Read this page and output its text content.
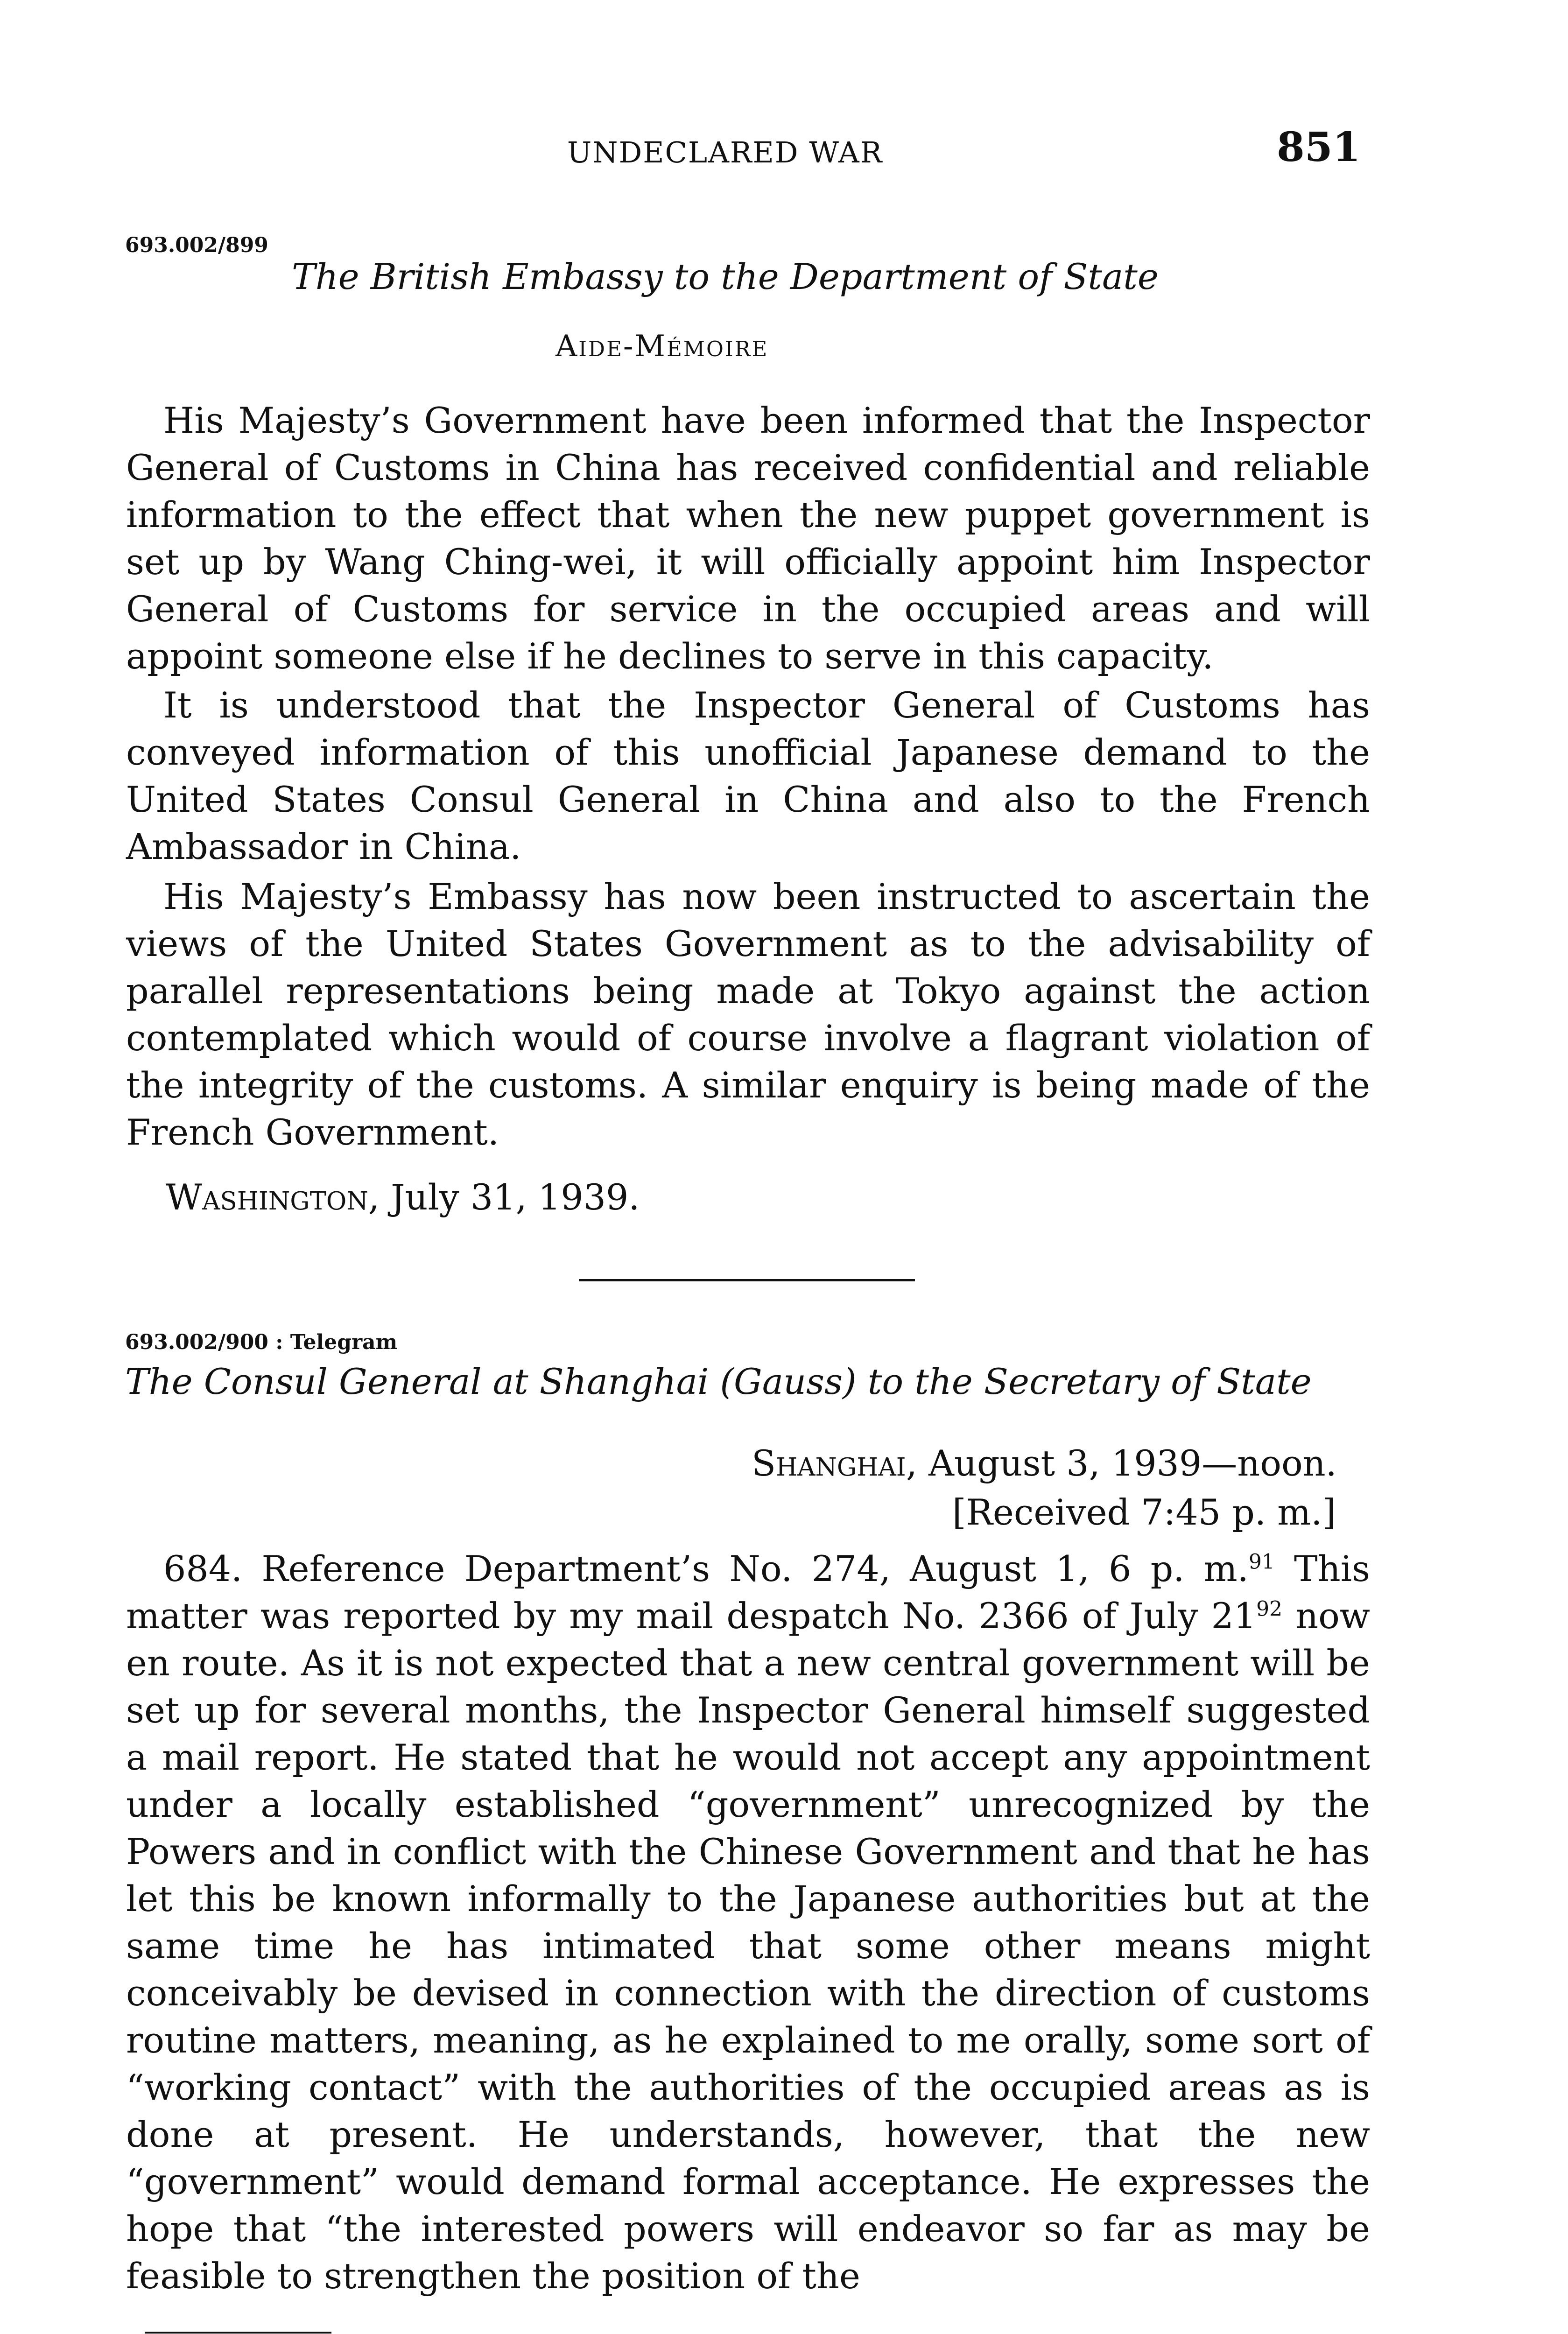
UNDECLARED WAR	851
693.002/899
The British Embassy to the Department of State
Aide-Mémoire

His Majesty’s Government have been informed that the Inspector General of Customs in China has received confidential and reliable information to the effect that when the new puppet government is set up by Wang Ching-wei, it will officially appoint him Inspector General of Customs for service in the occupied areas and will appoint someone else if he declines to serve in this capacity.

It is understood that the Inspector General of Customs has conveyed information of this unofficial Japanese demand to the United States Consul General in China and also to the French Ambassador in China.

His Majesty’s Embassy has now been instructed to ascertain the views of the United States Government as to the advisability of parallel representations being made at Tokyo against the action contemplated which would of course involve a flagrant violation of the integrity of the customs. A similar enquiry is being made of the French Government.

Washington, July 31, 1939.
693.002/900 : Telegram
The Consul General at Shanghai (Gauss) to the Secretary of State
Shanghai, August 3, 1939—noon.
[Received 7:45 p. m.]

684. Reference Department’s No. 274, August 1, 6 p. m.$^{91}$ This matter was reported by my mail despatch No. 2366 of July 21$^{92}$ now en route. As it is not expected that a new central government will be set up for several months, the Inspector General himself suggested a mail report. He stated that he would not accept any appointment under a locally established “government” unrecognized by the Powers and in conflict with the Chinese Government and that he has let this be known informally to the Japanese authorities but at the same time he has intimated that some other means might conceivably be devised in connection with the direction of customs routine matters, meaning, as he explained to me orally, some sort of “working contact” with the authorities of the occupied areas as is done at present. He understands, however, that the new “government” would demand formal acceptance. He expresses the hope that “the interested powers will endeavor so far as may be feasible to strengthen the position of the
